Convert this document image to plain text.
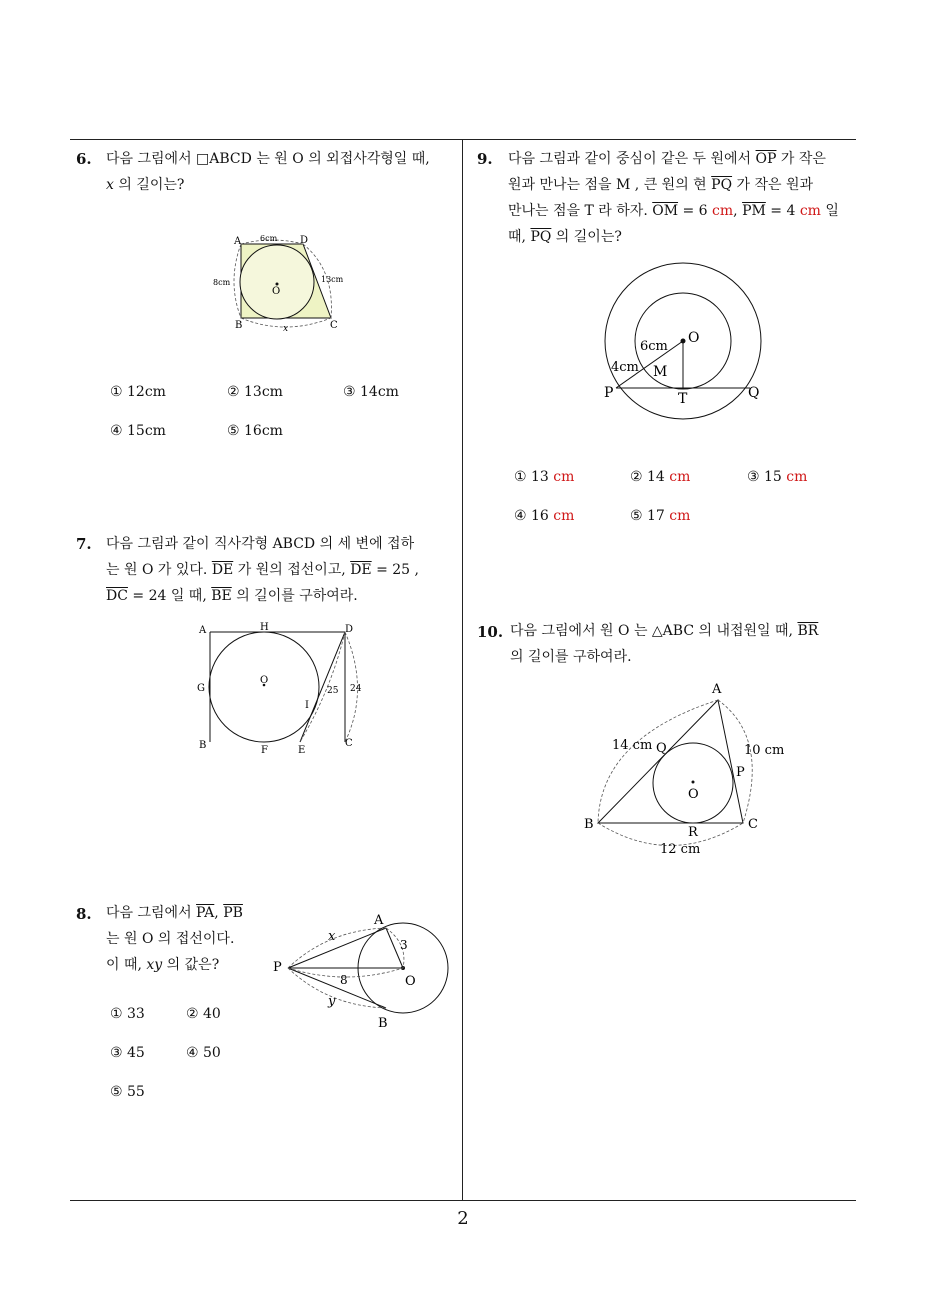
6. 다음 그림에서 □ABCD 는 원 O 의 외접사각형일 때,
x 의 길이는?
A	D
B	C
O
6cm
8cm	13cm
x
① 12cm	② 13cm	③ 14cm
④ 15cm	⑤ 16cm
7. 다음 그림과 같이 직사각형 ABCD 의 세 변에 접하
는 원 O 가 있다. $\overline{DE}$ 가 원의 접선이고, $\overline{DE} = 25$ ,
$\overline{DC} = 24$ 일 때, $\overline{BE}$ 의 길이를 구하여라.
A	H	D
G
O
I
B	F	E
C
25 24
8. 다음 그림에서 $\overline{PA}$, $\overline{PB}$
는 원 O 의 접선이다.
이 때, xy 의 값은?	P
A
B
O
x
y
3
8
① 33	② 40
③ 45	④ 50
⑤ 55
9. 다음 그림과 같이 중심이 같은 두 원에서 $\overline{OP}$ 가 작은
원과 만나는 점을 M , 큰 원의 현 $\overline{PQ}$ 가 작은 원과
만나는 점을 T 라 하자. $\overline{OM} = 6$ cm, $\overline{PM} = 4$ cm 일
때, $\overline{PQ}$ 의 길이는?
O
M
P	T	Q
6cm
4cm
① 13 cm	② 14 cm	③ 15 cm
④ 16 cm	⑤ 17 cm
10. 다음 그림에서 원 O 는 △ABC 의 내접원일 때, $\overline{BR}$
의 길이를 구하여라.
A
B	C
O
P
Q
R
14 cm	10 cm
12 cm
2
